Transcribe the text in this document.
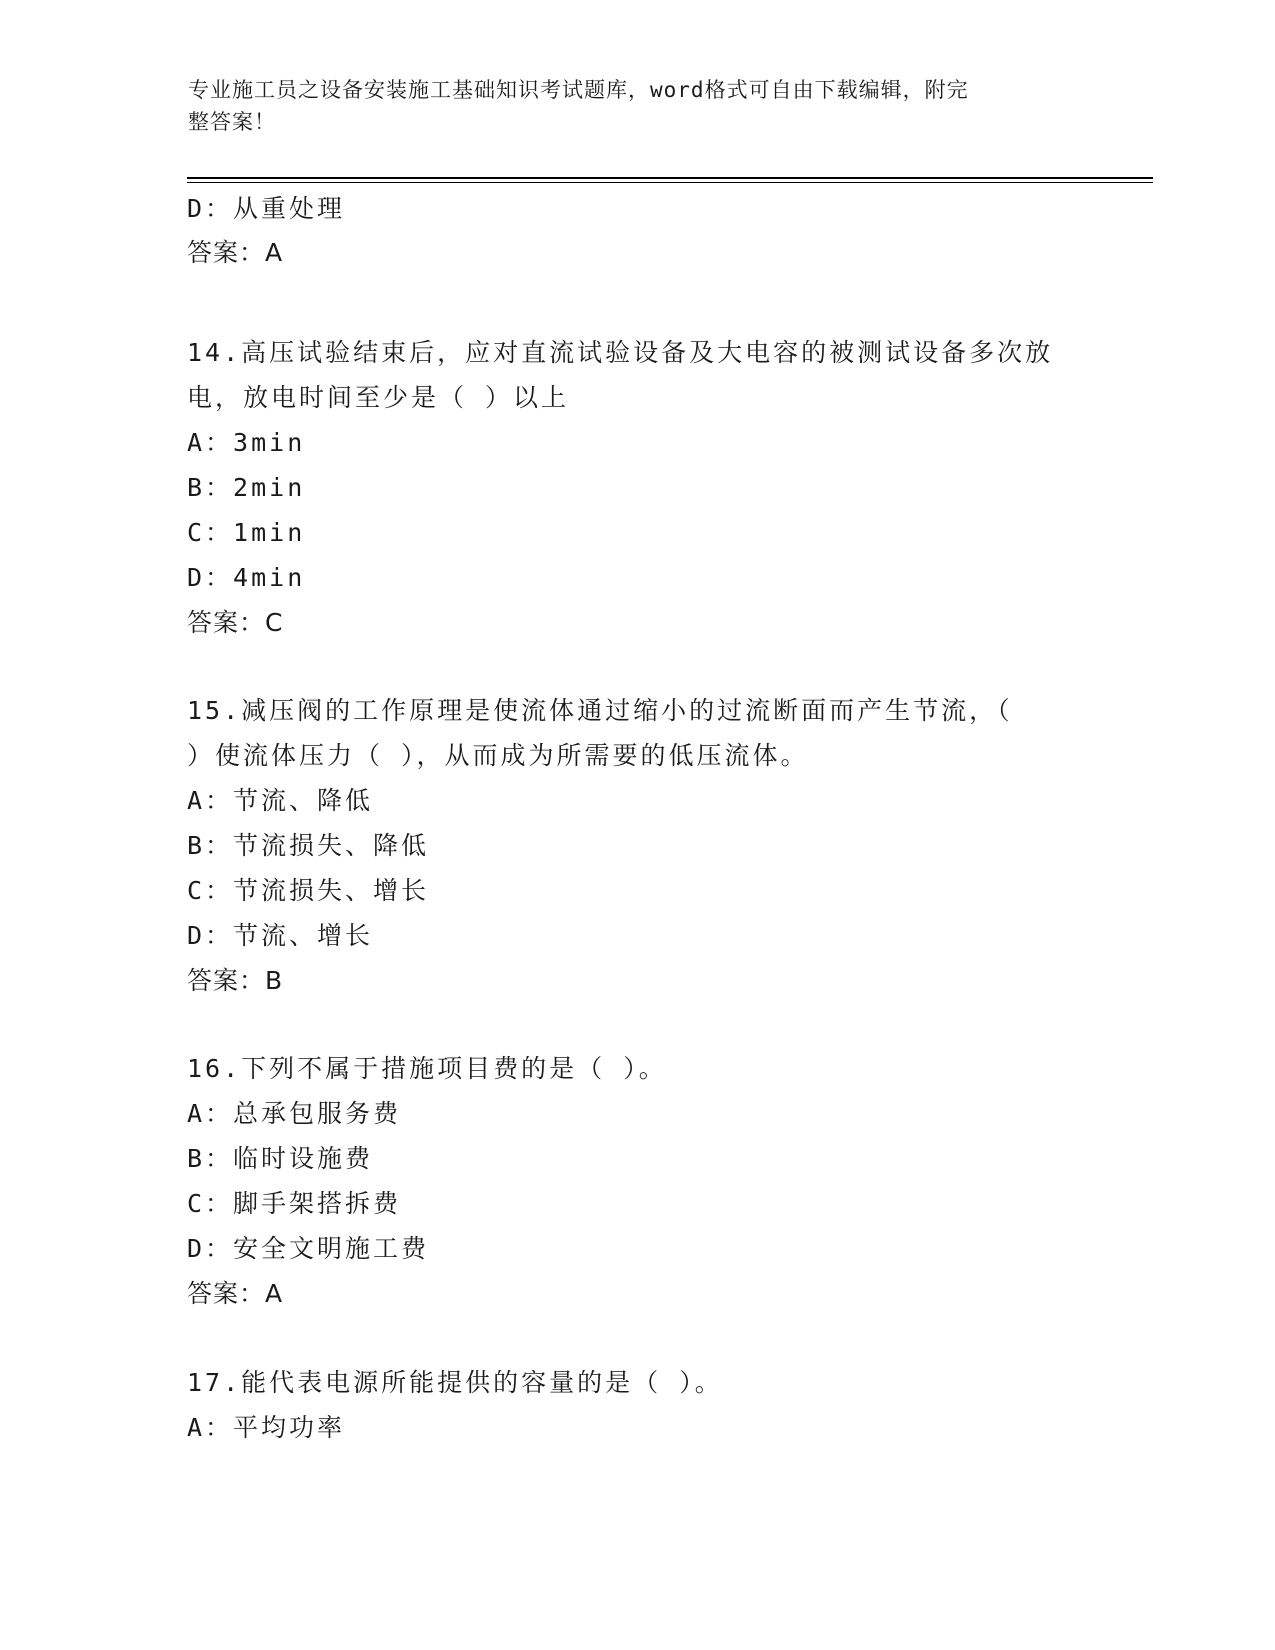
专业施工员之设备安装施工基础知识考试题库，word格式可自由下载编辑，附完
整答案！
D：从重处理
答案：A
14.高压试验结束后，应对直流试验设备及大电容的被测试设备多次放
电，放电时间至少是（ ）以上
A：3min
B：2min
C：1min
D：4min
答案：C
15.减压阀的工作原理是使流体通过缩小的过流断面而产生节流，（
）使流体压力（ ），从而成为所需要的低压流体。
A：节流、降低
B：节流损失、降低
C：节流损失、增长
D：节流、增长
答案：B
16.下列不属于措施项目费的是（ ）。
A：总承包服务费
B：临时设施费
C：脚手架搭拆费
D：安全文明施工费
答案：A
17.能代表电源所能提供的容量的是（ ）。
A：平均功率
